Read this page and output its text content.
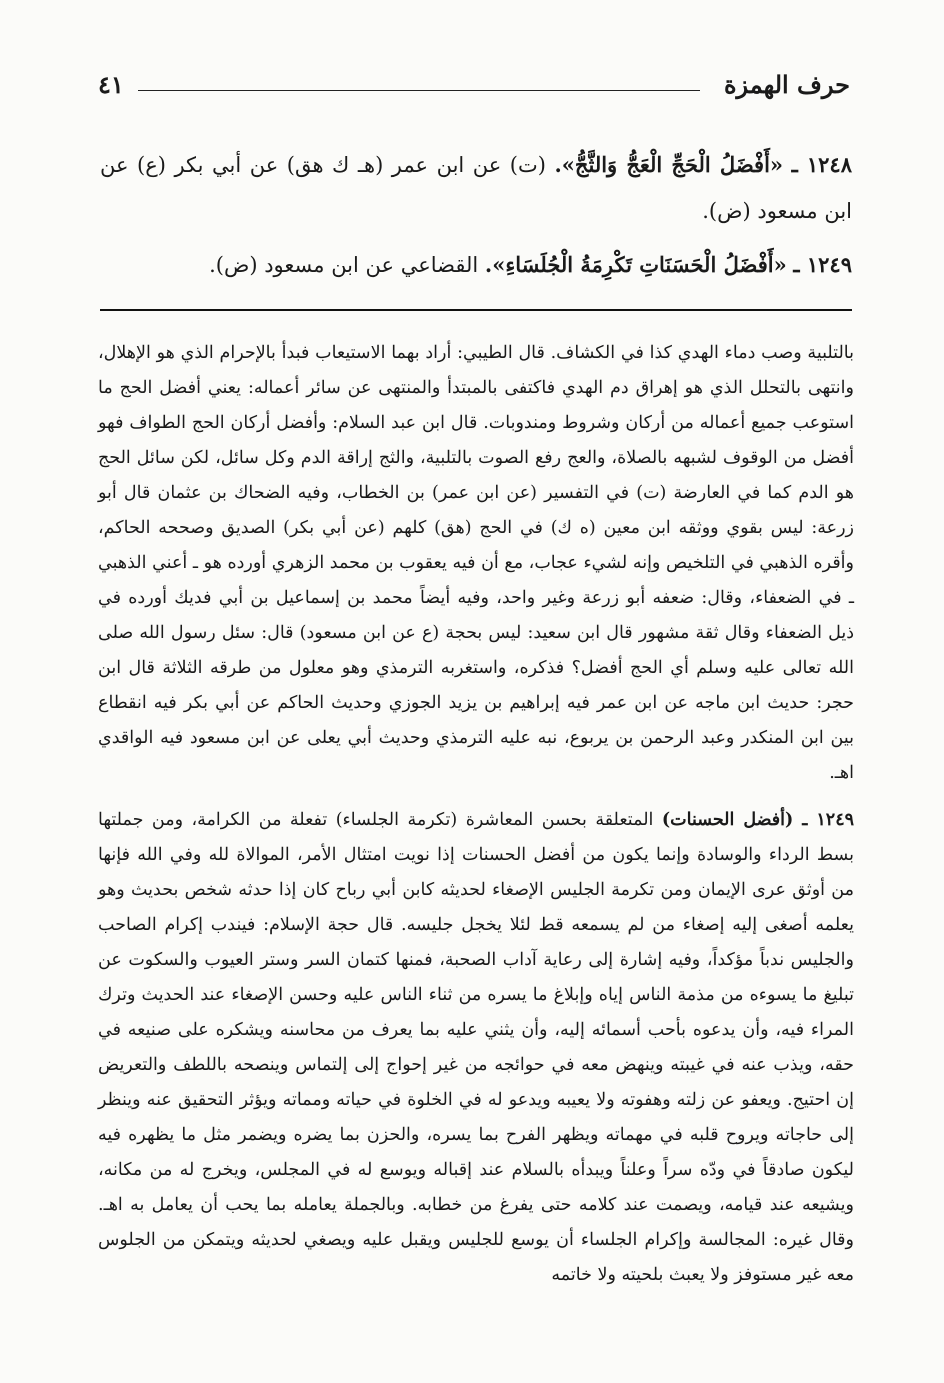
حرف الهمزة
٤١

١٢٤٨ ـ «أَفْضَلُ الْحَجِّ الْعَجُّ وَالثَّجُّ». (ت) عن ابن عمر (هـ ك هق) عن أبي بكر (ع) عن ابن مسعود (ض).

١٢٤٩ ـ «أَفْضَلُ الْحَسَنَاتِ تَكْرِمَةُ الْجُلَسَاءِ». القضاعي عن ابن مسعود (ض).

بالتلبية وصب دماء الهدي كذا في الكشاف. قال الطيبي: أراد بهما الاستيعاب فبدأ بالإحرام الذي هو الإهلال، وانتهى بالتحلل الذي هو إهراق دم الهدي فاكتفى بالمبتدأ والمنتهى عن سائر أعماله: يعني أفضل الحج ما استوعب جميع أعماله من أركان وشروط ومندوبات. قال ابن عبد السلام: وأفضل أركان الحج الطواف فهو أفضل من الوقوف لشبهه بالصلاة، والعج رفع الصوت بالتلبية، والثج إراقة الدم وكل سائل، لكن سائل الحج هو الدم كما في العارضة (ت) في التفسير (عن ابن عمر) بن الخطاب، وفيه الضحاك بن عثمان قال أبو زرعة: ليس بقوي ووثقه ابن معين (ه ك) في الحج (هق) كلهم (عن أبي بكر) الصديق وصححه الحاكم، وأقره الذهبي في التلخيص وإنه لشيء عجاب، مع أن فيه يعقوب بن محمد الزهري أورده هو ـ أعني الذهبي ـ في الضعفاء، وقال: ضعفه أبو زرعة وغير واحد، وفيه أيضاً محمد بن إسماعيل بن أبي فديك أورده في ذيل الضعفاء وقال ثقة مشهور قال ابن سعيد: ليس بحجة (ع عن ابن مسعود) قال: سئل رسول الله صلى الله تعالى عليه وسلم أي الحج أفضل؟ فذكره، واستغربه الترمذي وهو معلول من طرقه الثلاثة قال ابن حجر: حديث ابن ماجه عن ابن عمر فيه إبراهيم بن يزيد الجوزي وحديث الحاكم عن أبي بكر فيه انقطاع بين ابن المنكدر وعبد الرحمن بن يربوع، نبه عليه الترمذي وحديث أبي يعلى عن ابن مسعود فيه الواقدي اهـ.

١٢٤٩ ـ (أفضل الحسنات) المتعلقة بحسن المعاشرة (تكرمة الجلساء) تفعلة من الكرامة، ومن جملتها بسط الرداء والوسادة وإنما يكون من أفضل الحسنات إذا نويت امتثال الأمر، الموالاة لله وفي الله فإنها من أوثق عرى الإيمان ومن تكرمة الجليس الإصغاء لحديثه كابن أبي رباح كان إذا حدثه شخص بحديث وهو يعلمه أصغى إليه إصغاء من لم يسمعه قط لئلا يخجل جليسه. قال حجة الإسلام: فيندب إكرام الصاحب والجليس ندباً مؤكداً، وفيه إشارة إلى رعاية آداب الصحبة، فمنها كتمان السر وستر العيوب والسكوت عن تبليغ ما يسوءه من مذمة الناس إياه وإبلاغ ما يسره من ثناء الناس عليه وحسن الإصغاء عند الحديث وترك المراء فيه، وأن يدعوه بأحب أسمائه إليه، وأن يثني عليه بما يعرف من محاسنه ويشكره على صنيعه في حقه، ويذب عنه في غيبته وينهض معه في حوائجه من غير إحواج إلى إلتماس وينصحه باللطف والتعريض إن احتيج. ويعفو عن زلته وهفوته ولا يعيبه ويدعو له في الخلوة في حياته ومماته ويؤثر التحقيق عنه وينظر إلى حاجاته ويروح قلبه في مهماته ويظهر الفرح بما يسره، والحزن بما يضره ويضمر مثل ما يظهره فيه ليكون صادقاً في ودّه سراً وعلناً ويبدأه بالسلام عند إقباله ويوسع له في المجلس، ويخرج له من مكانه، ويشيعه عند قيامه، ويصمت عند كلامه حتى يفرغ من خطابه. وبالجملة يعامله بما يحب أن يعامل به اهـ. وقال غيره: المجالسة وإكرام الجلساء أن يوسع للجليس ويقبل عليه ويصغي لحديثه ويتمكن من الجلوس معه غير مستوفز ولا يعبث بلحيته ولا خاتمه
